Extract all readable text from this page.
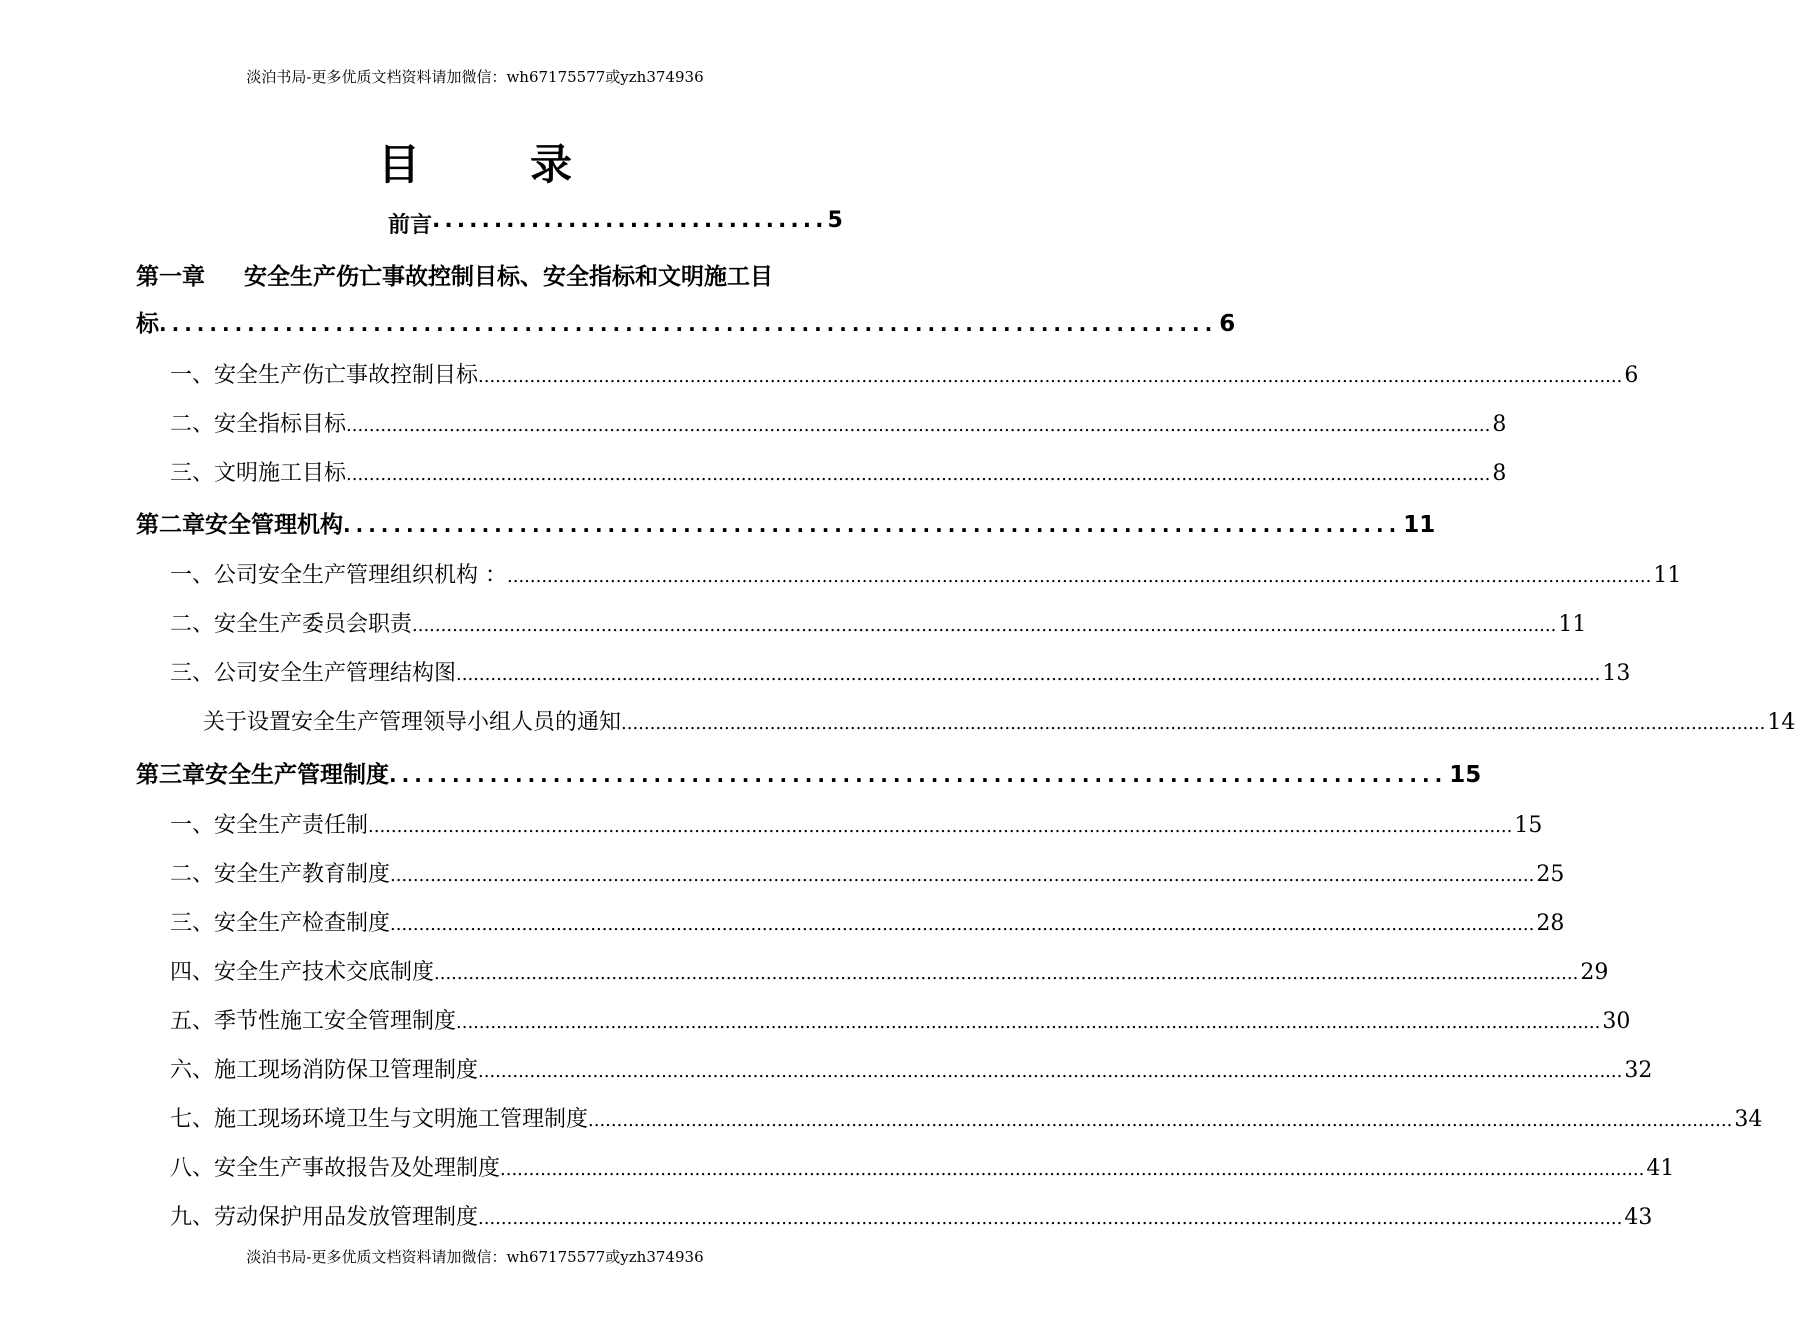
淡泊书局-更多优质文档资料请加微信：wh67175577或yzh374936
目	录
前 言 ................................ 5
第一章	安全生产伤亡事故控制目标、安全指标和文明施工目
标 .................................................................................... 6
一、安全生产伤亡事故控制目标 ........................................................................................................................................................................................................ 6
二、安全指标目标 ........................................................................................................................................................................................................ 8
三、文明施工目标 ........................................................................................................................................................................................................ 8
第二章 安全管理机构 .................................................................................... 11
一、公司安全生产管理组织机构 ： ........................................................................................................................................................................................................ 11
二、安全生产委员会职责 ........................................................................................................................................................................................................ 11
三、公司安全生产管理结构图 ........................................................................................................................................................................................................ 13
关于设置安全生产管理领导小组人员的通知 ........................................................................................................................................................................................................ 14
第三章 安全生产管理制度 .................................................................................... 15
一、安全生产责任制 ........................................................................................................................................................................................................ 15
二、安全生产教育制度 ........................................................................................................................................................................................................ 25
三、安全生产检查制度 ........................................................................................................................................................................................................ 28
四、安全生产技术交底制度 ........................................................................................................................................................................................................ 29
五、季节性施工安全管理制度 ........................................................................................................................................................................................................ 30
六、施工现场消防保卫管理制度 ........................................................................................................................................................................................................ 32
七、施工现场环境卫生与文明施工管理制度 ........................................................................................................................................................................................................ 34
八、安全生产事故报告及处理制度 ........................................................................................................................................................................................................ 41
九、劳动保护用品发放管理制度 ........................................................................................................................................................................................................ 43
淡泊书局-更多优质文档资料请加微信：wh67175577或yzh374936
